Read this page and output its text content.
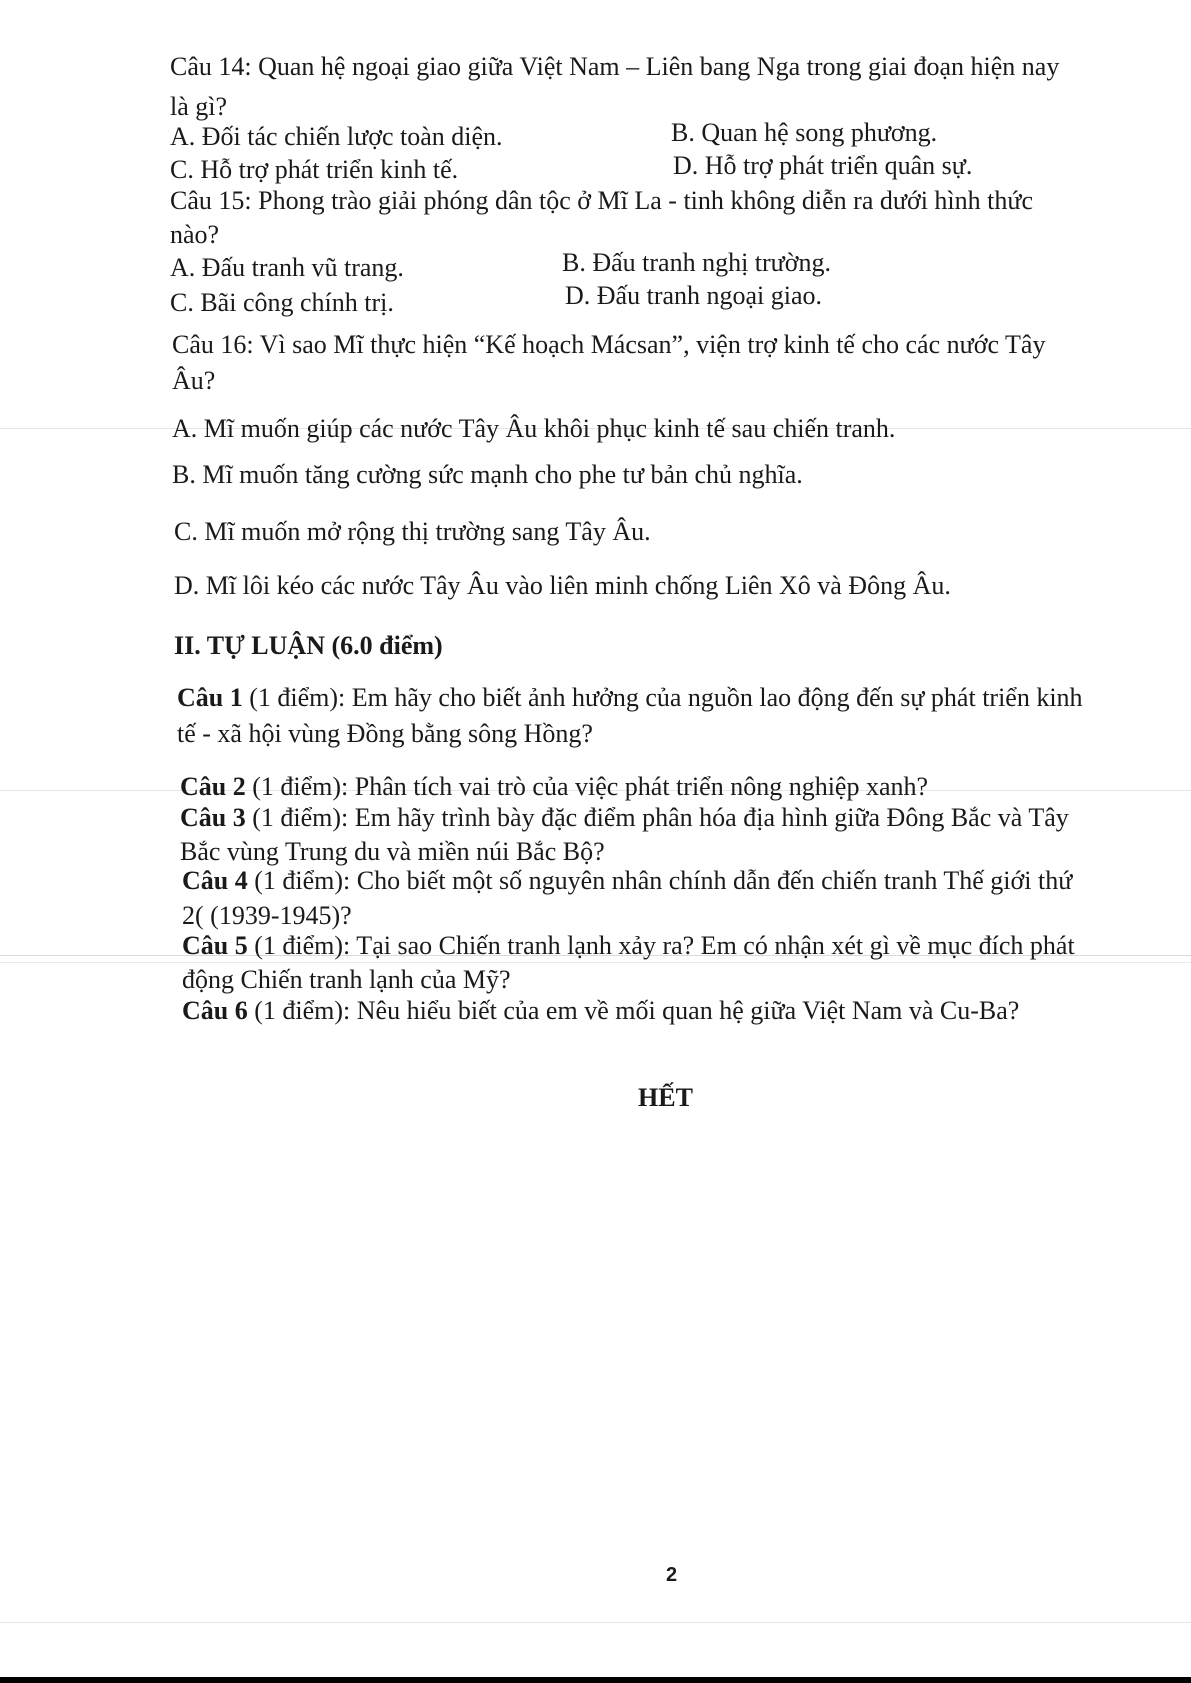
Câu 14: Quan hệ ngoại giao giữa Việt Nam – Liên bang Nga trong giai đoạn hiện nay
là gì?
A. Đối tác chiến lược toàn diện.	B. Quan hệ song phương.
C. Hỗ trợ phát triển kinh tế.	D. Hỗ trợ phát triển quân sự.
Câu 15: Phong trào giải phóng dân tộc ở Mĩ La - tinh không diễn ra dưới hình thức
nào?
A. Đấu tranh vũ trang.	B. Đấu tranh nghị trường.
C. Bãi công chính trị.	D. Đấu tranh ngoại giao.
Câu 16: Vì sao Mĩ thực hiện “Kế hoạch Mácsan”, viện trợ kinh tế cho các nước Tây
Âu?
A. Mĩ muốn giúp các nước Tây Âu khôi phục kinh tế sau chiến tranh.
B. Mĩ muốn tăng cường sức mạnh cho phe tư bản chủ nghĩa.
C. Mĩ muốn mở rộng thị trường sang Tây Âu.
D. Mĩ lôi kéo các nước Tây Âu vào liên minh chống Liên Xô và Đông Âu.
II. TỰ LUẬN (6.0 điểm)
Câu 1 (1 điểm): Em hãy cho biết ảnh hưởng của nguồn lao động đến sự phát triển kinh
tế - xã hội vùng Đồng bằng sông Hồng?
Câu 2 (1 điểm): Phân tích vai trò của việc phát triển nông nghiệp xanh?
Câu 3 (1 điểm): Em hãy trình bày đặc điểm phân hóa địa hình giữa Đông Bắc và Tây
Bắc vùng Trung du và miền núi Bắc Bộ?
Câu 4 (1 điểm): Cho biết một số nguyên nhân chính dẫn đến chiến tranh Thế giới thứ
2( (1939-1945)?
Câu 5 (1 điểm): Tại sao Chiến tranh lạnh xảy ra? Em có nhận xét gì về mục đích phát
động Chiến tranh lạnh của Mỹ?
Câu 6 (1 điểm): Nêu hiểu biết của em về mối quan hệ giữa Việt Nam và Cu-Ba?
HẾT
2
